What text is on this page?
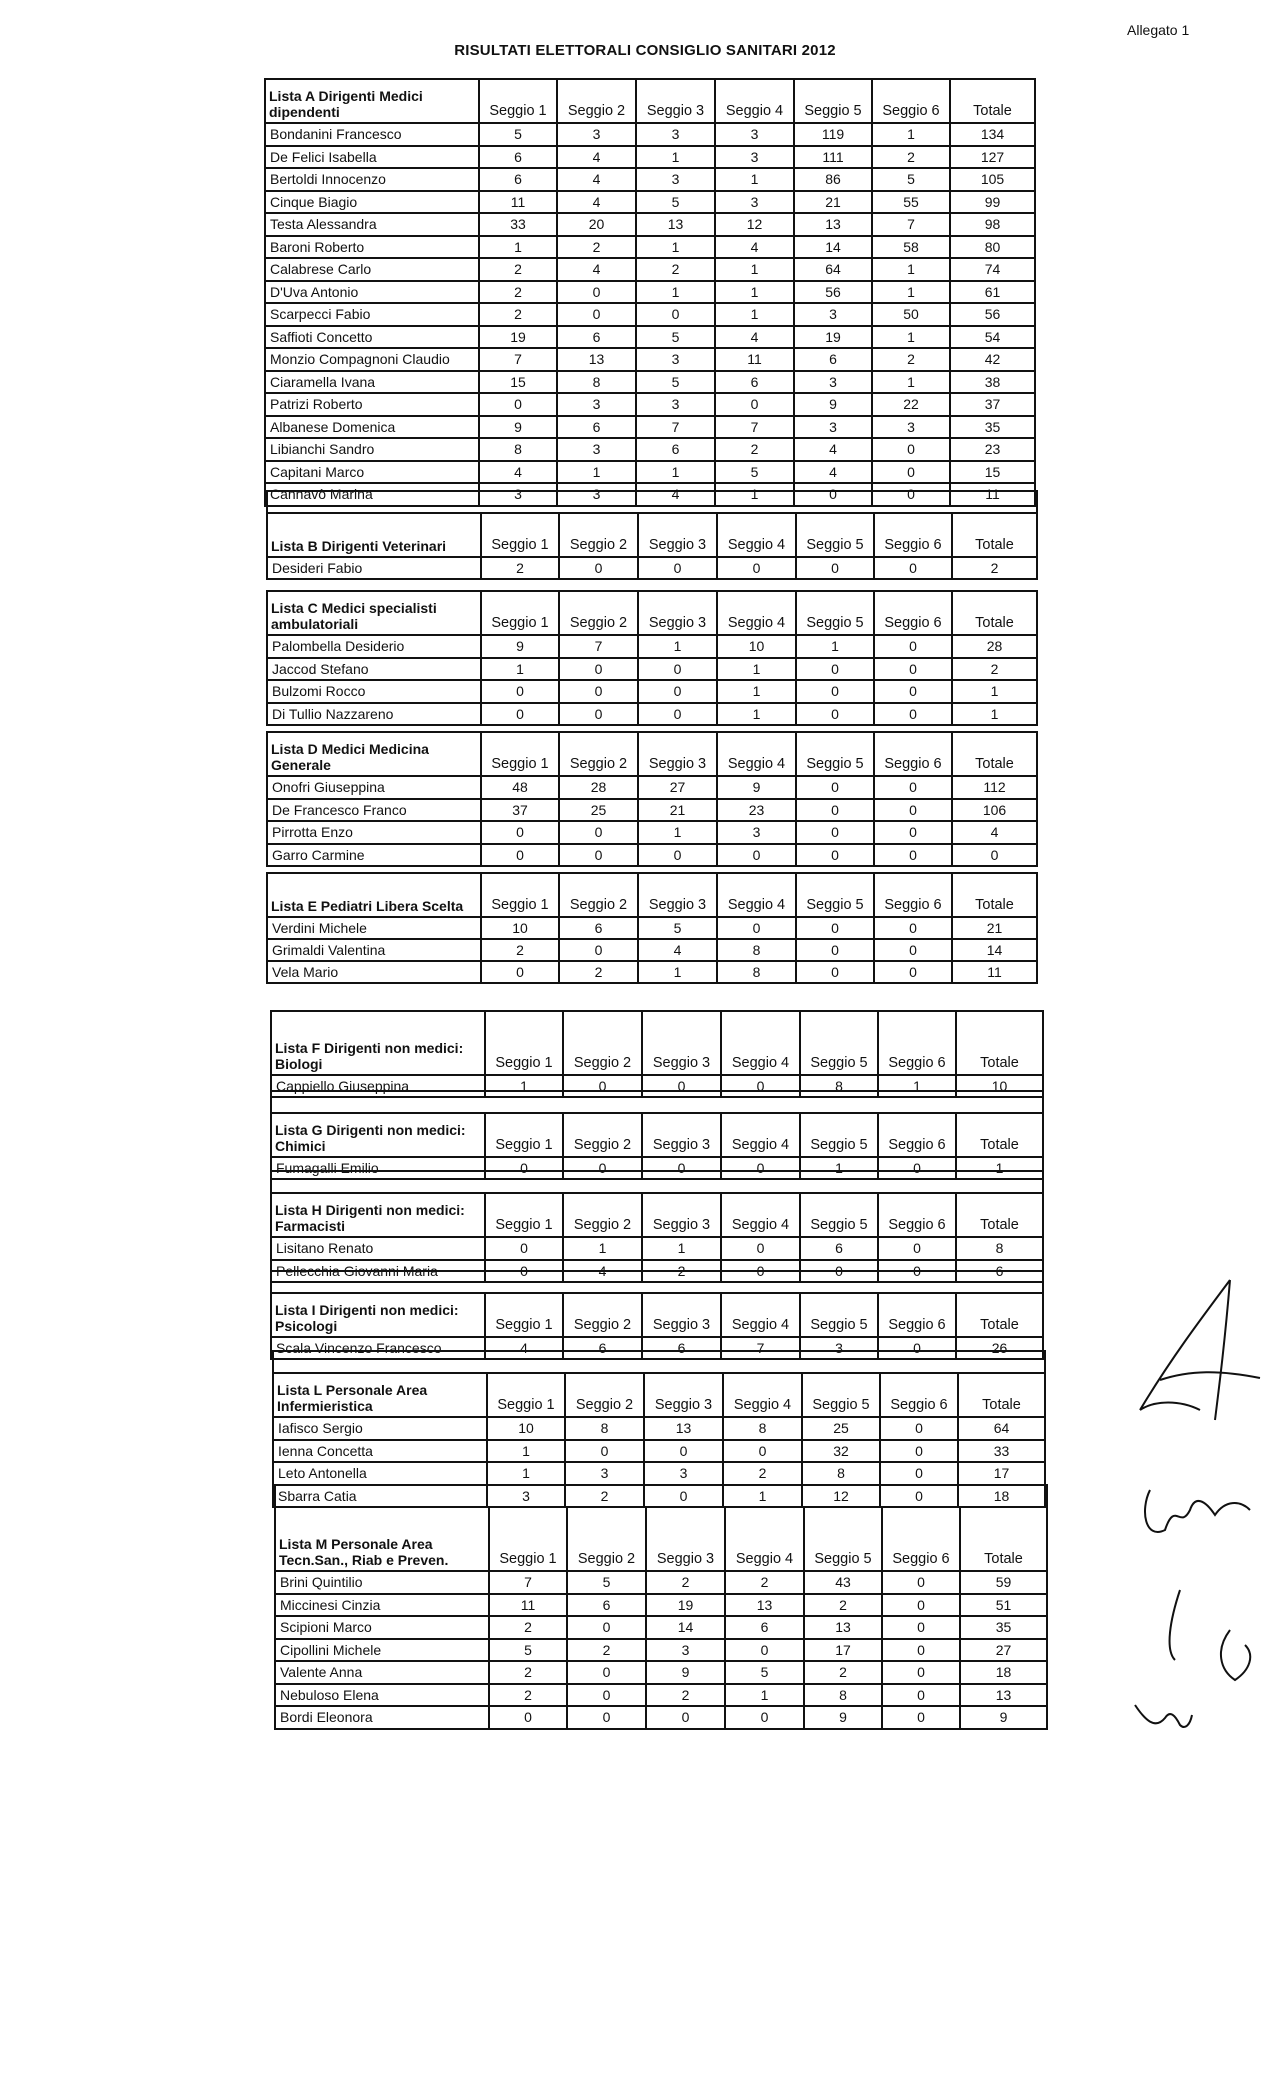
RISULTATI ELETTORALI CONSIGLIO SANITARI 2012
Allegato 1
Lista A Dirigenti Medici dipendenti	Seggio 1	Seggio 2	Seggio 3	Seggio 4	Seggio 5	Seggio 6	Totale
Bondanini Francesco	5	3	3	3	119	1	134
De Felici Isabella	6	4	1	3	111	2	127
Bertoldi Innocenzo	6	4	3	1	86	5	105
Cinque Biagio	11	4	5	3	21	55	99
Testa Alessandra	33	20	13	12	13	7	98
Baroni Roberto	1	2	1	4	14	58	80
Calabrese Carlo	2	4	2	1	64	1	74
D'Uva Antonio	2	0	1	1	56	1	61
Scarpecci Fabio	2	0	0	1	3	50	56
Saffioti Concetto	19	6	5	4	19	1	54
Monzio Compagnoni Claudio	7	13	3	11	6	2	42
Ciaramella Ivana	15	8	5	6	3	1	38
Patrizi Roberto	0	3	3	0	9	22	37
Albanese Domenica	9	6	7	7	3	3	35
Libianchi Sandro	8	3	6	2	4	0	23
Capitani Marco	4	1	1	5	4	0	15
Cannavò Marina	3	3	4	1	0	0	11

Lista B Dirigenti Veterinari	Seggio 1	Seggio 2	Seggio 3	Seggio 4	Seggio 5	Seggio 6	Totale
Desideri Fabio	2	0	0	0	0	0	2
Lista C Medici specialisti ambulatoriali	Seggio 1	Seggio 2	Seggio 3	Seggio 4	Seggio 5	Seggio 6	Totale
Palombella Desiderio	9	7	1	10	1	0	28
Jaccod Stefano	1	0	0	1	0	0	2
Bulzomi Rocco	0	0	0	1	0	0	1
Di Tullio Nazzareno	0	0	0	1	0	0	1
Lista D Medici Medicina Generale	Seggio 1	Seggio 2	Seggio 3	Seggio 4	Seggio 5	Seggio 6	Totale
Onofri Giuseppina	48	28	27	9	0	0	112
De Francesco Franco	37	25	21	23	0	0	106
Pirrotta Enzo	0	0	1	3	0	0	4
Garro Carmine	0	0	0	0	0	0	0
Lista E Pediatri Libera Scelta	Seggio 1	Seggio 2	Seggio 3	Seggio 4	Seggio 5	Seggio 6	Totale
Verdini Michele	10	6	5	0	0	0	21
Grimaldi Valentina	2	0	4	8	0	0	14
Vela Mario	0	2	1	8	0	0	11
Lista F Dirigenti non medici: Biologi	Seggio 1	Seggio 2	Seggio 3	Seggio 4	Seggio 5	Seggio 6	Totale
Cappiello Giuseppina	1	0	0	0	8	1	10

Lista G Dirigenti non medici: Chimici	Seggio 1	Seggio 2	Seggio 3	Seggio 4	Seggio 5	Seggio 6	Totale
Fumagalli Emilio	0	0	0	0	1	0	1

Lista H Dirigenti non medici: Farmacisti	Seggio 1	Seggio 2	Seggio 3	Seggio 4	Seggio 5	Seggio 6	Totale
Lisitano Renato	0	1	1	0	6	0	8
Pellecchia Giovanni Maria	0	4	2	0	0	0	6

Lista I Dirigenti non medici: Psicologi	Seggio 1	Seggio 2	Seggio 3	Seggio 4	Seggio 5	Seggio 6	Totale
Scala Vincenzo Francesco	4	6	6	7	3	0	26

Lista L Personale Area Infermieristica	Seggio 1	Seggio 2	Seggio 3	Seggio 4	Seggio 5	Seggio 6	Totale
Iafisco Sergio	10	8	13	8	25	0	64
Ienna Concetta	1	0	0	0	32	0	33
Leto Antonella	1	3	3	2	8	0	17
Sbarra Catia	3	2	0	1	12	0	18

Lista M Personale Area Tecn.San., Riab e Preven.	Seggio 1	Seggio 2	Seggio 3	Seggio 4	Seggio 5	Seggio 6	Totale
Brini Quintilio	7	5	2	2	43	0	59
Miccinesi Cinzia	11	6	19	13	2	0	51
Scipioni Marco	2	0	14	6	13	0	35
Cipollini Michele	5	2	3	0	17	0	27
Valente Anna	2	0	9	5	2	0	18
Nebuloso Elena	2	0	2	1	8	0	13
Bordi Eleonora	0	0	0	0	9	0	9
